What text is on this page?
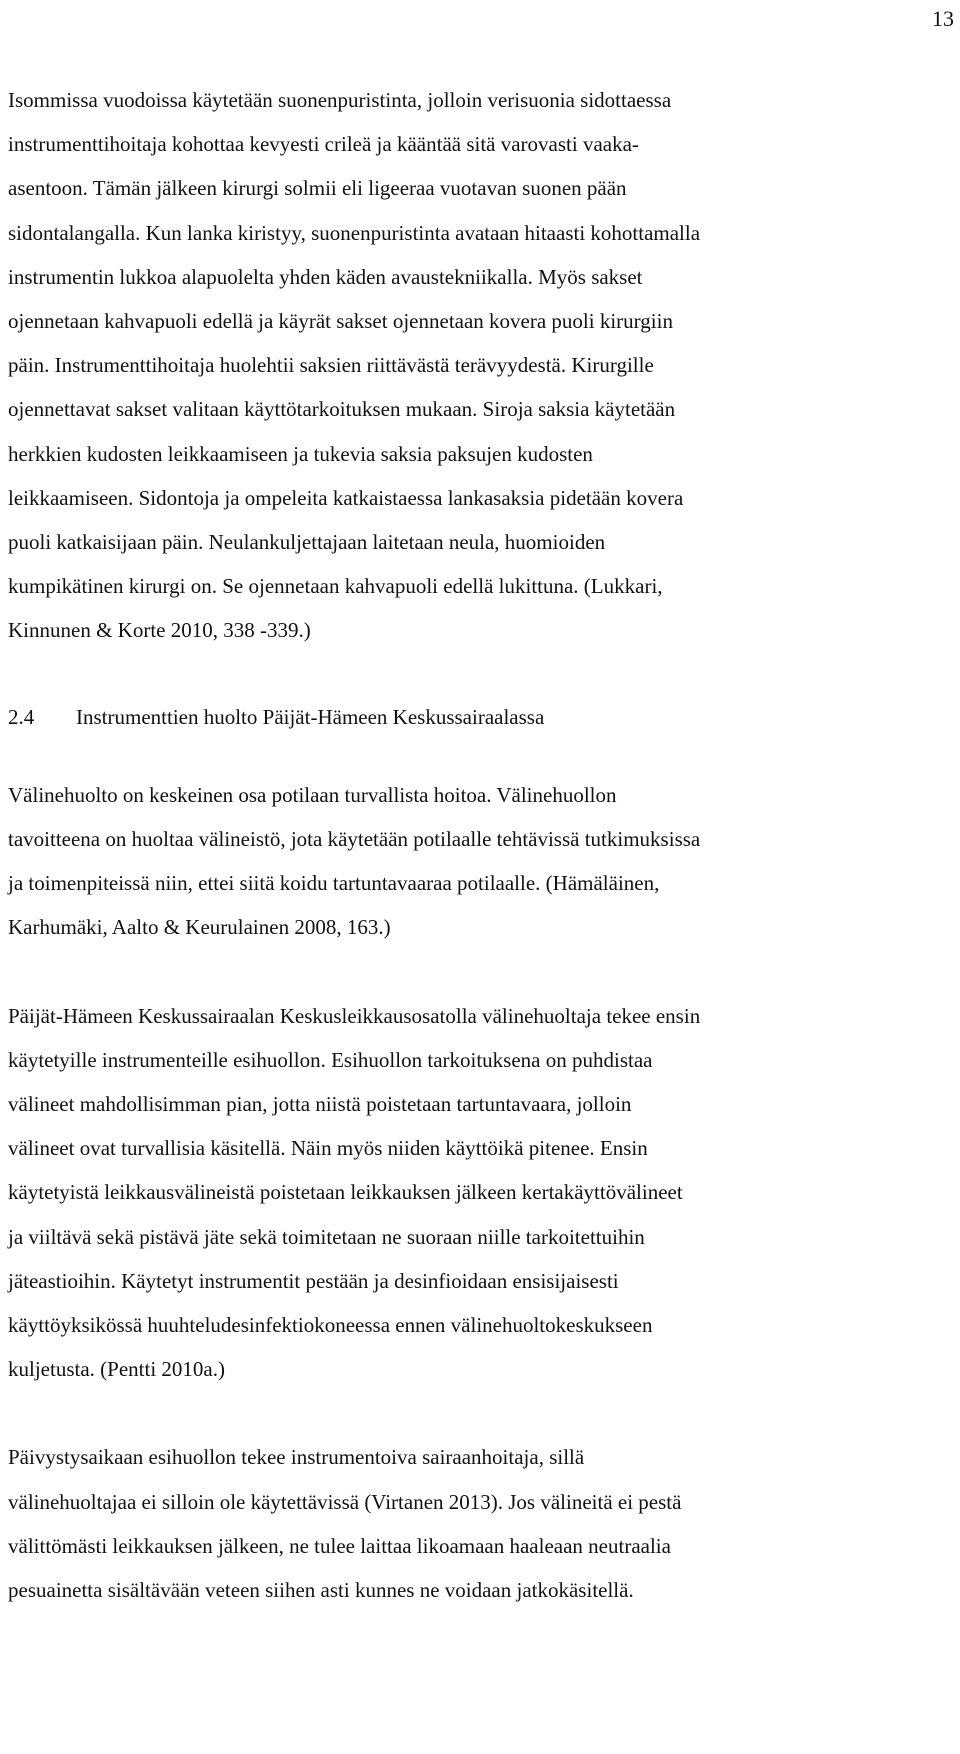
13
Isommissa vuodoissa käytetään suonenpuristinta, jolloin verisuonia sidottaessa
instrumenttihoitaja kohottaa kevyesti crileä ja kääntää sitä varovasti vaaka-
asentoon. Tämän jälkeen kirurgi solmii eli ligeeraa vuotavan suonen pään
sidontalangalla. Kun lanka kiristyy, suonenpuristinta avataan hitaasti kohottamalla
instrumentin lukkoa alapuolelta yhden käden avaustekniikalla. Myös sakset
ojennetaan kahvapuoli edellä ja käyrät sakset ojennetaan kovera puoli kirurgiin
päin. Instrumenttihoitaja huolehtii saksien riittävästä terävyydestä. Kirurgille
ojennettavat sakset valitaan käyttötarkoituksen mukaan. Siroja saksia käytetään
herkkien kudosten leikkaamiseen ja tukevia saksia paksujen kudosten
leikkaamiseen. Sidontoja ja ompeleita katkaistaessa lankasaksia pidetään kovera
puoli katkaisijaan päin. Neulankuljettajaan laitetaan neula, huomioiden
kumpikätinen kirurgi on. Se ojennetaan kahvapuoli edellä lukittuna. (Lukkari,
Kinnunen & Korte 2010, 338 -339.)
2.4	Instrumenttien huolto Päijät-Hämeen Keskussairaalassa
Välinehuolto on keskeinen osa potilaan turvallista hoitoa. Välinehuollon
tavoitteena on huoltaa välineistö, jota käytetään potilaalle tehtävissä tutkimuksissa
ja toimenpiteissä niin, ettei siitä koidu tartuntavaaraa potilaalle. (Hämäläinen,
Karhumäki, Aalto & Keurulainen 2008, 163.)
Päijät-Hämeen Keskussairaalan Keskusleikkausosatolla välinehuoltaja tekee ensin
käytetyille instrumenteille esihuollon. Esihuollon tarkoituksena on puhdistaa
välineet mahdollisimman pian, jotta niistä poistetaan tartuntavaara, jolloin
välineet ovat turvallisia käsitellä. Näin myös niiden käyttöikä pitenee. Ensin
käytetyistä leikkausvälineistä poistetaan leikkauksen jälkeen kertakäyttövälineet
ja viiltävä sekä pistävä jäte sekä toimitetaan ne suoraan niille tarkoitettuihin
jäteastioihin. Käytetyt instrumentit pestään ja desinfioidaan ensisijaisesti
käyttöyksikössä huuhteludesinfektiokoneessa ennen välinehuoltokeskukseen
kuljetusta. (Pentti 2010a.)
Päivystysaikaan esihuollon tekee instrumentoiva sairaanhoitaja, sillä
välinehuoltajaa ei silloin ole käytettävissä (Virtanen 2013). Jos välineitä ei pestä
välittömästi leikkauksen jälkeen, ne tulee laittaa likoamaan haaleaan neutraalia
pesuainetta sisältävään veteen siihen asti kunnes ne voidaan jatkokäsitellä.
